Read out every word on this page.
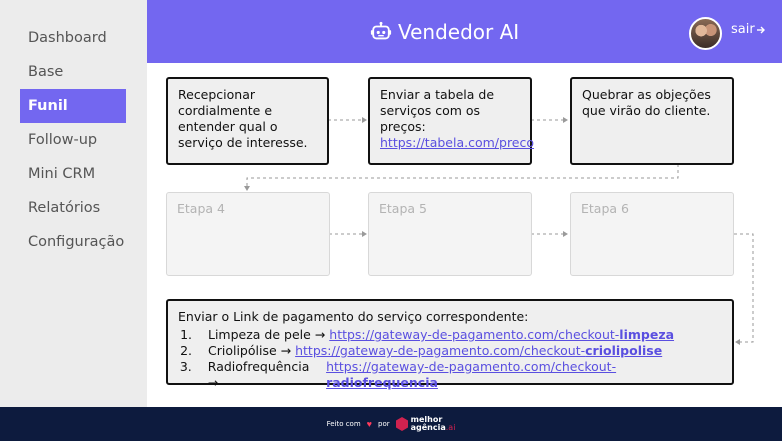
Dashboard
Base
Funil
Follow-up
Mini CRM
Relatórios
Configuração
Vendedor AI	sair
Recepcionar cordialmente e entender qual o serviço de interesse.
Enviar a tabela de serviços com os preços:
https://tabela.com/preco
Quebrar as objeções que virão do cliente.
Etapa 4	Etapa 5	Etapa 6
Enviar o Link de pagamento do serviço correspondente:
1.	Limpeza de pele →
https://gateway-de-pagamento.com/checkout-limpeza
2.	Criolipólise →
https://gateway-de-pagamento.com/checkout-criolipolise
3.	Radiofrequência →

https://gateway-de-pagamento.com/checkout-radiofrequencia
Feito com ♥ por	melhor
agência.ai
